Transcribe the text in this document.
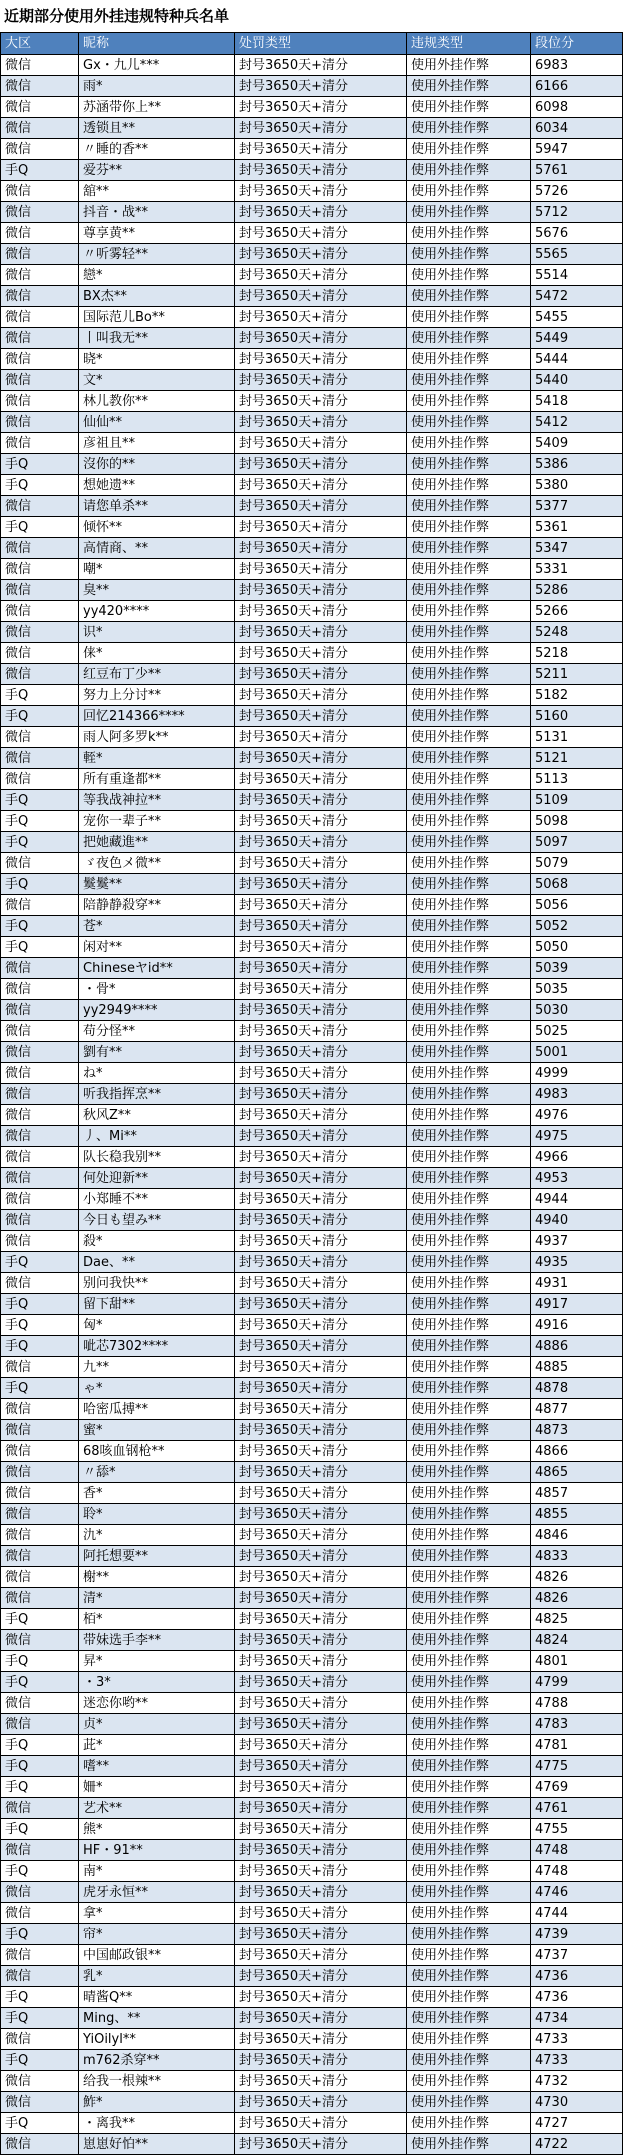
近期部分使用外挂违规特种兵名单
大区	昵称	处罚类型	违规类型	段位分
微信	Gx・九儿***	封号3650天+清分	使用外挂作弊	6983
微信	雨*	封号3650天+清分	使用外挂作弊	6166
微信	苏涵带你上**	封号3650天+清分	使用外挂作弊	6098
微信	透锁且**	封号3650天+清分	使用外挂作弊	6034
微信	〃睡的香**	封号3650天+清分	使用外挂作弊	5947
手Q	爱芬**	封号3650天+清分	使用外挂作弊	5761
微信	舘**	封号3650天+清分	使用外挂作弊	5726
微信	抖音・战**	封号3650天+清分	使用外挂作弊	5712
微信	尊享黄**	封号3650天+清分	使用外挂作弊	5676
微信	〃听雾轻**	封号3650天+清分	使用外挂作弊	5565
微信	戀*	封号3650天+清分	使用外挂作弊	5514
微信	BX杰**	封号3650天+清分	使用外挂作弊	5472
微信	国际范儿Bo**	封号3650天+清分	使用外挂作弊	5455
微信	丨叫我无**	封号3650天+清分	使用外挂作弊	5449
微信	晓*	封号3650天+清分	使用外挂作弊	5444
微信	文*	封号3650天+清分	使用外挂作弊	5440
微信	林儿教你**	封号3650天+清分	使用外挂作弊	5418
微信	仙仙**	封号3650天+清分	使用外挂作弊	5412
微信	彦祖且**	封号3650天+清分	使用外挂作弊	5409
手Q	沒你的**	封号3650天+清分	使用外挂作弊	5386
手Q	想她遗**	封号3650天+清分	使用外挂作弊	5380
微信	请您单杀**	封号3650天+清分	使用外挂作弊	5377
手Q	倾怀**	封号3650天+清分	使用外挂作弊	5361
微信	高情商、**	封号3650天+清分	使用外挂作弊	5347
微信	嘲*	封号3650天+清分	使用外挂作弊	5331
微信	臭**	封号3650天+清分	使用外挂作弊	5286
微信	yy420****	封号3650天+清分	使用外挂作弊	5266
微信	识*	封号3650天+清分	使用外挂作弊	5248
微信	俫*	封号3650天+清分	使用外挂作弊	5218
微信	红豆布丁少**	封号3650天+清分	使用外挂作弊	5211
手Q	努力上分讨**	封号3650天+清分	使用外挂作弊	5182
手Q	回忆214366****	封号3650天+清分	使用外挂作弊	5160
微信	雨人阿多罗k**	封号3650天+清分	使用外挂作弊	5131
微信	輊*	封号3650天+清分	使用外挂作弊	5121
微信	所有重逢都**	封号3650天+清分	使用外挂作弊	5113
手Q	等我战神拉**	封号3650天+清分	使用外挂作弊	5109
手Q	宠你一辈子**	封号3650天+清分	使用外挂作弊	5098
手Q	把她藏進**	封号3650天+清分	使用外挂作弊	5097
微信	ゞ夜色メ微**	封号3650天+清分	使用外挂作弊	5079
手Q	鬕鬕**	封号3650天+清分	使用外挂作弊	5068
微信	陪静静殺穿**	封号3650天+清分	使用外挂作弊	5056
手Q	苍*	封号3650天+清分	使用外挂作弊	5052
手Q	闲对**	封号3650天+清分	使用外挂作弊	5050
微信	Chineseヤid**	封号3650天+清分	使用外挂作弊	5039
微信	・骨*	封号3650天+清分	使用外挂作弊	5035
微信	yy2949****	封号3650天+清分	使用外挂作弊	5030
微信	苟分怪**	封号3650天+清分	使用外挂作弊	5025
微信	劉有**	封号3650天+清分	使用外挂作弊	5001
微信	ね*	封号3650天+清分	使用外挂作弊	4999
微信	听我指挥烹**	封号3650天+清分	使用外挂作弊	4983
微信	秋风Z**	封号3650天+清分	使用外挂作弊	4976
微信	丿、Mi**	封号3650天+清分	使用外挂作弊	4975
微信	队长稳我别**	封号3650天+清分	使用外挂作弊	4966
微信	何处迎新**	封号3650天+清分	使用外挂作弊	4953
微信	小郑睡不**	封号3650天+清分	使用外挂作弊	4944
微信	今日も望み**	封号3650天+清分	使用外挂作弊	4940
微信	殺*	封号3650天+清分	使用外挂作弊	4937
手Q	Dae、**	封号3650天+清分	使用外挂作弊	4935
微信	别问我快**	封号3650天+清分	使用外挂作弊	4931
手Q	留下甜**	封号3650天+清分	使用外挂作弊	4917
手Q	匈*	封号3650天+清分	使用外挂作弊	4916
手Q	呲芯7302****	封号3650天+清分	使用外挂作弊	4886
微信	九**	封号3650天+清分	使用外挂作弊	4885
手Q	ゃ*	封号3650天+清分	使用外挂作弊	4878
微信	哈密瓜搏**	封号3650天+清分	使用外挂作弊	4877
微信	蜜*	封号3650天+清分	使用外挂作弊	4873
微信	68咳血钢枪**	封号3650天+清分	使用外挂作弊	4866
微信	〃舔*	封号3650天+清分	使用外挂作弊	4865
微信	香*	封号3650天+清分	使用外挂作弊	4857
微信	聆*	封号3650天+清分	使用外挂作弊	4855
微信	氿*	封号3650天+清分	使用外挂作弊	4846
微信	阿托想要**	封号3650天+清分	使用外挂作弊	4833
微信	榭**	封号3650天+清分	使用外挂作弊	4826
微信	清*	封号3650天+清分	使用外挂作弊	4826
手Q	栢*	封号3650天+清分	使用外挂作弊	4825
微信	带妹选手李**	封号3650天+清分	使用外挂作弊	4824
手Q	昇*	封号3650天+清分	使用外挂作弊	4801
手Q	・3*	封号3650天+清分	使用外挂作弊	4799
微信	迷恋你哟**	封号3650天+清分	使用外挂作弊	4788
微信	贞*	封号3650天+清分	使用外挂作弊	4783
手Q	茈*	封号3650天+清分	使用外挂作弊	4781
手Q	嗜**	封号3650天+清分	使用外挂作弊	4775
手Q	姍*	封号3650天+清分	使用外挂作弊	4769
微信	艺术**	封号3650天+清分	使用外挂作弊	4761
手Q	熊*	封号3650天+清分	使用外挂作弊	4755
微信	HF・91**	封号3650天+清分	使用外挂作弊	4748
手Q	南*	封号3650天+清分	使用外挂作弊	4748
微信	虎牙永恒**	封号3650天+清分	使用外挂作弊	4746
微信	拿*	封号3650天+清分	使用外挂作弊	4744
手Q	帘*	封号3650天+清分	使用外挂作弊	4739
微信	中国邮政银**	封号3650天+清分	使用外挂作弊	4737
微信	乳*	封号3650天+清分	使用外挂作弊	4736
手Q	晴酱Q**	封号3650天+清分	使用外挂作弊	4736
手Q	Ming、**	封号3650天+清分	使用外挂作弊	4734
微信	YiOilyl**	封号3650天+清分	使用外挂作弊	4733
手Q	m762杀穿**	封号3650天+清分	使用外挂作弊	4733
微信	给我一根辣**	封号3650天+清分	使用外挂作弊	4732
微信	鮓*	封号3650天+清分	使用外挂作弊	4730
手Q	・离我**	封号3650天+清分	使用外挂作弊	4727
微信	崽崽好怕**	封号3650天+清分	使用外挂作弊	4722
